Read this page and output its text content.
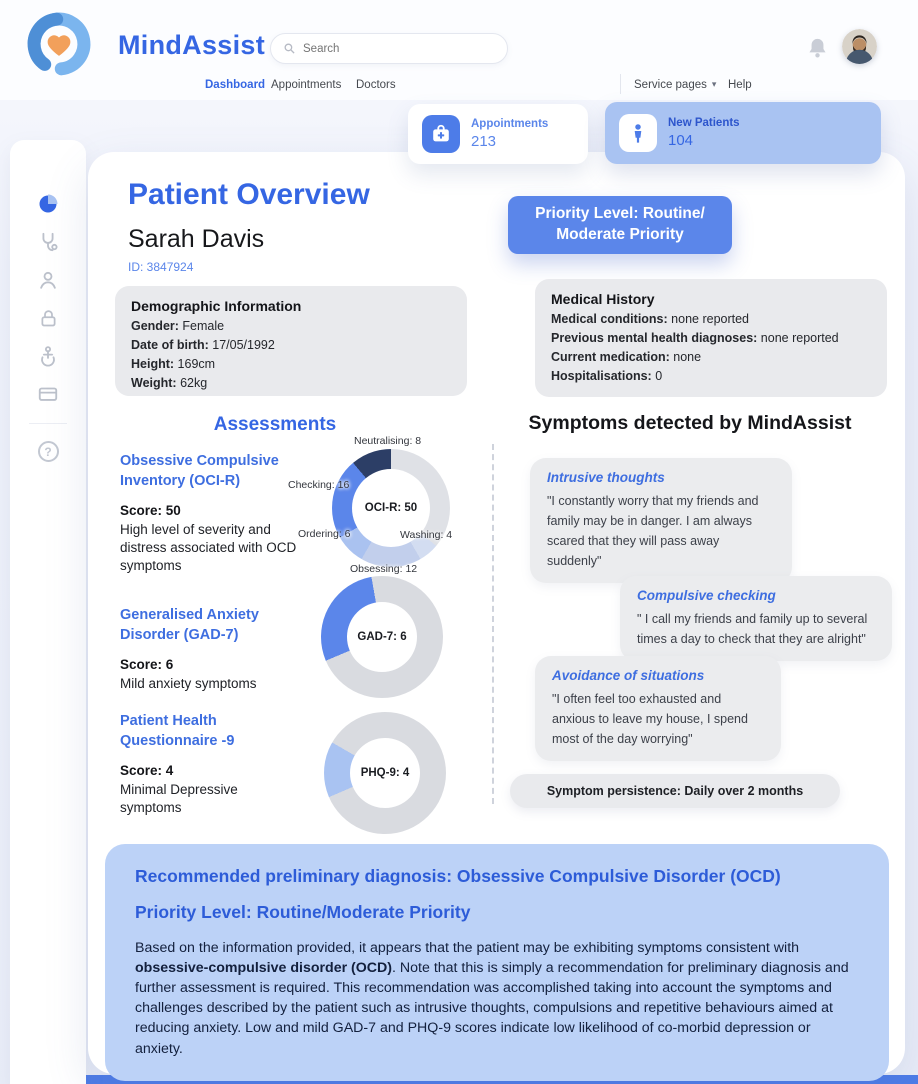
MindAssist
Search
Dashboard Appointments Doctors	Service pages ▾ Help
Appointments
213
New Patients
104
?
Patient Overview
Sarah Davis
ID: 3847924
Priority Level: Routine/ Moderate Priority
Demographic Information
Gender: Female
Date of birth: 17/05/1992
Height: 169cm
Weight: 62kg
Medical History
Medical conditions: none reported
Previous mental health diagnoses: none reported
Current medication: none
Hospitalisations: 0
Assessments	Symptoms detected by MindAssist
Obsessive Compulsive Inventory (OCI-R)
Score: 50
High level of severity and distress associated with OCD symptoms
Generalised Anxiety Disorder (GAD-7)
Score: 6
Mild anxiety symptoms
Patient Health Questionnaire -9
Score: 4
Minimal Depressive symptoms
OCI-R: 50
Neutralising: 8
Checking: 16
Ordering: 6
Obsessing: 12
Washing: 4
GAD-7: 6
PHQ-9: 4
Intrusive thoughts
"I constantly worry that my friends and family may be in danger. I am always scared that they will pass away suddenly"
Compulsive checking
" I call my friends and family up to several times a day to check that they are alright"
Avoidance of situations
"I often feel too exhausted and anxious to leave my house, I spend most of the day worrying"
Symptom persistence: Daily over 2 months
Recommended preliminary diagnosis: Obsessive Compulsive Disorder (OCD)
Priority Level: Routine/Moderate Priority

Based on the information provided, it appears that the patient may be exhibiting symptoms consistent with obsessive-compulsive disorder (OCD). Note that this is simply a recommendation for preliminary diagnosis and further assessment is required. This recommendation was accomplished taking into account the symptoms and challenges described by the patient such as intrusive thoughts, compulsions and repetitive behaviours aimed at reducing anxiety. Low and mild GAD-7 and PHQ-9 scores indicate low likelihood of co-morbid depression or anxiety.
